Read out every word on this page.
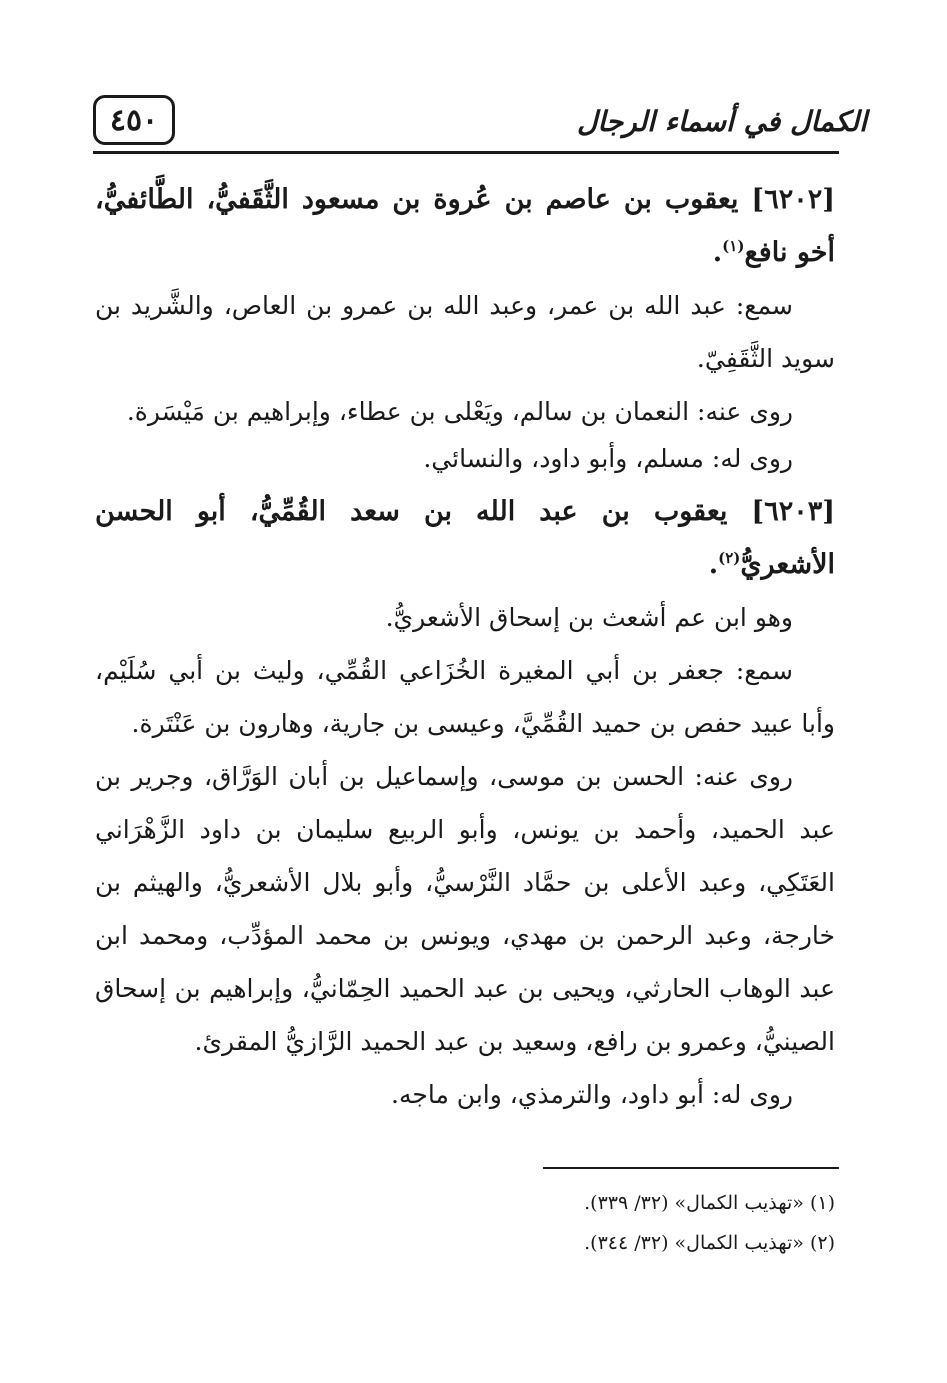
٤٥٠	الكمال في أسماء الرجال

[٦٢٠٢] يعقوب بن عاصم بن عُروة بن مسعود الثَّقَفيُّ، الطَّائفيُّ، أخو نافع$^{(١)}$.

سمع: عبد الله بن عمر، وعبد الله بن عمرو بن العاص، والشَّريد بن سويد الثَّقَفِيّ.

روى عنه: النعمان بن سالم، ويَعْلى بن عطاء، وإبراهيم بن مَيْسَرة.

روى له: مسلم، وأبو داود، والنسائي.

[٦٢٠٣] يعقوب بن عبد الله بن سعد القُمِّيُّ، أبو الحسن الأشعريُّ$^{(٢)}$.

وهو ابن عم أشعث بن إسحاق الأشعريُّ.

سمع: جعفر بن أبي المغيرة الخُزَاعي القُمِّي، وليث بن أبي سُلَيْم، وأبا عبيد حفص بن حميد القُمِّيَّ، وعيسى بن جارية، وهارون بن عَنْتَرة.

روى عنه: الحسن بن موسى، وإسماعيل بن أبان الوَرَّاق، وجرير بن عبد الحميد، وأحمد بن يونس، وأبو الربيع سليمان بن داود الزَّهْرَاني العَتَكِي، وعبد الأعلى بن حمَّاد النَّرْسيُّ، وأبو بلال الأشعريُّ، والهيثم بن خارجة، وعبد الرحمن بن مهدي، ويونس بن محمد المؤدِّب، ومحمد ابن عبد الوهاب الحارثي، ويحيى بن عبد الحميد الحِمّانيُّ، وإبراهيم بن إسحاق الصينيُّ، وعمرو بن رافع، وسعيد بن عبد الحميد الرَّازيُّ المقرئ.

روى له: أبو داود، والترمذي، وابن ماجه.

(١) «تهذيب الكمال» (٣٢/ ٣٣٩).

(٢) «تهذيب الكمال» (٣٢/ ٣٤٤).
